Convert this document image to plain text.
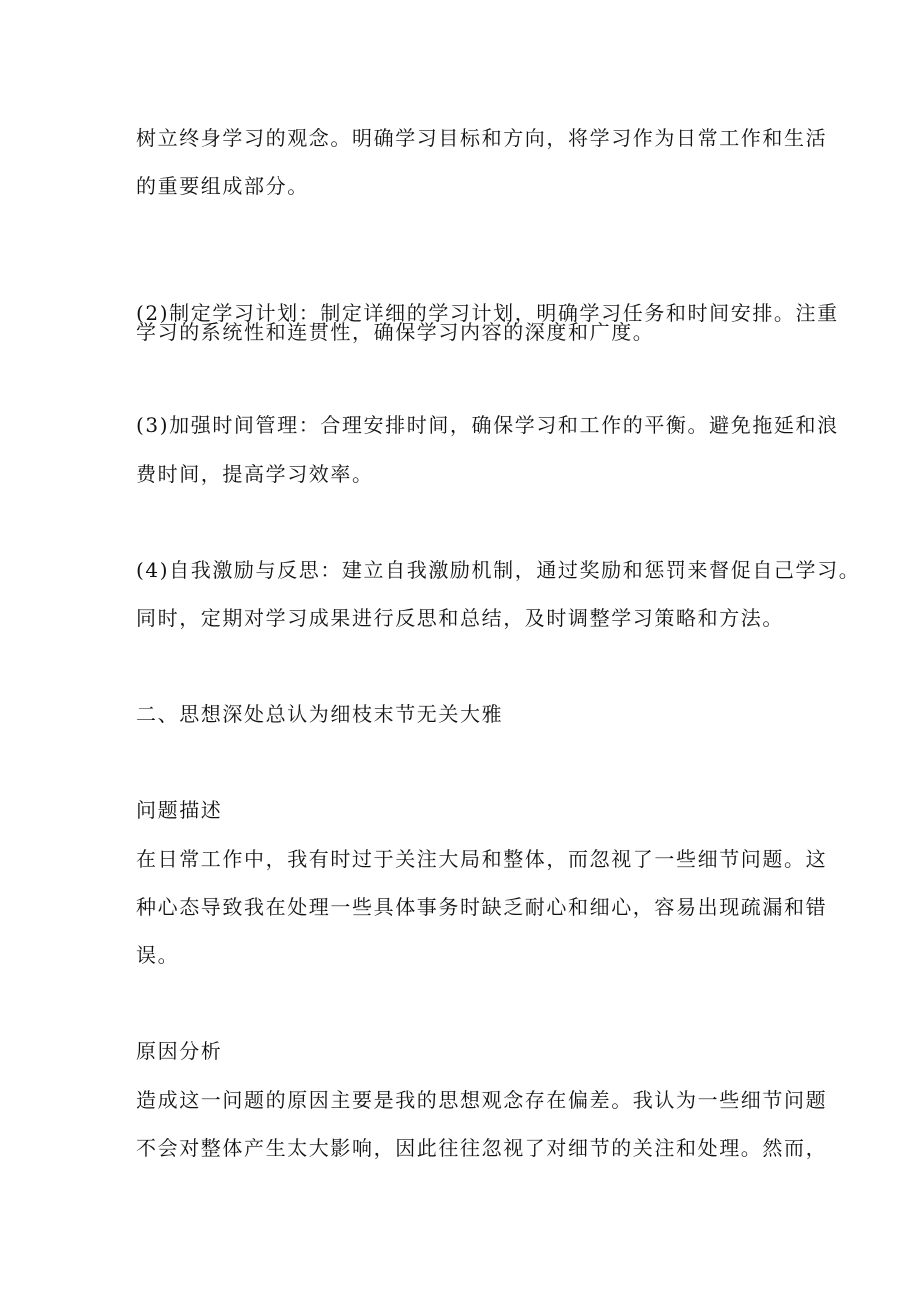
树立终身学习的观念。明确学习目标和方向，将学习作为日常工作和生活
的重要组成部分。
(2)制定学习计划：制定详细的学习计划，明确学习任务和时间安排。注重
学习的系统性和连贯性，确保学习内容的深度和广度。
(3)加强时间管理：合理安排时间，确保学习和工作的平衡。避免拖延和浪
费时间，提高学习效率。
(4)自我激励与反思：建立自我激励机制，通过奖励和惩罚来督促自己学习。
同时，定期对学习成果进行反思和总结，及时调整学习策略和方法。
二、思想深处总认为细枝末节无关大雅
问题描述
在日常工作中，我有时过于关注大局和整体，而忽视了一些细节问题。这
种心态导致我在处理一些具体事务时缺乏耐心和细心，容易出现疏漏和错
误。
原因分析
造成这一问题的原因主要是我的思想观念存在偏差。我认为一些细节问题
不会对整体产生太大影响，因此往往忽视了对细节的关注和处理。然而，
